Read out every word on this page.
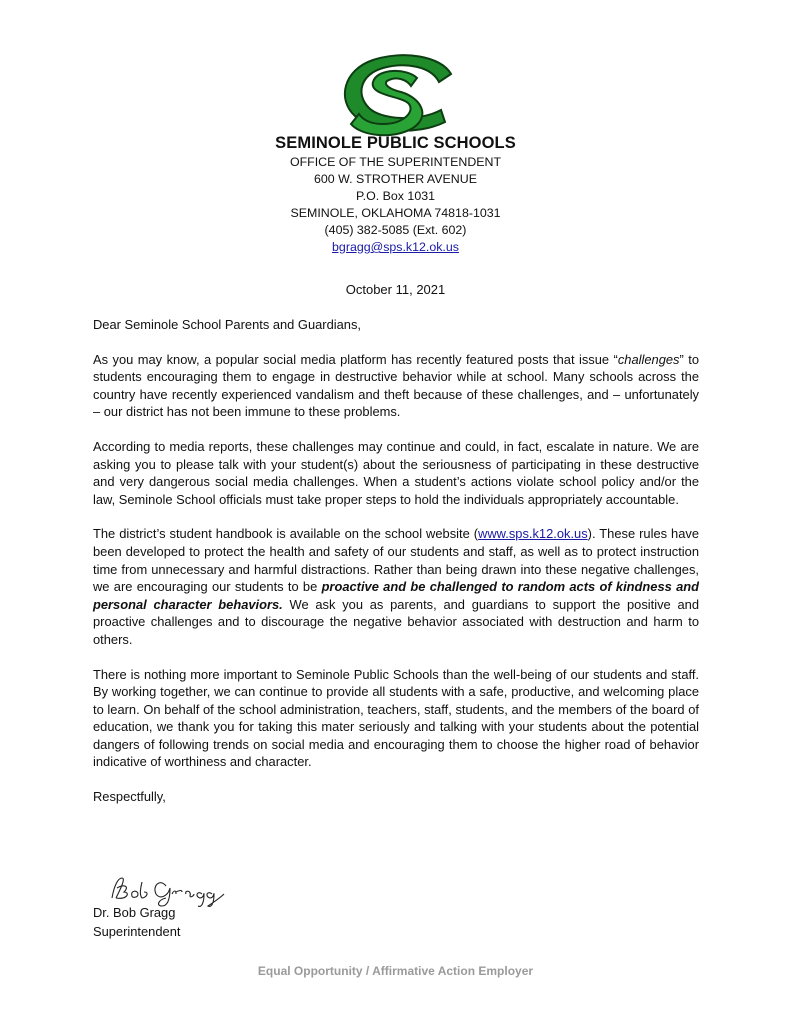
SEMINOLE PUBLIC SCHOOLS
OFFICE OF THE SUPERINTENDENT
600 W. STROTHER AVENUE
P.O. Box 1031
SEMINOLE, OKLAHOMA 74818-1031
(405) 382-5085 (Ext. 602)
bgragg@sps.k12.ok.us
October 11, 2021

Dear Seminole School Parents and Guardians,

As you may know, a popular social media platform has recently featured posts that issue “challenges” to students encouraging them to engage in destructive behavior while at school. Many schools across the country have recently experienced vandalism and theft because of these challenges, and – unfortunately – our district has not been immune to these problems.

According to media reports, these challenges may continue and could, in fact, escalate in nature. We are asking you to please talk with your student(s) about the seriousness of participating in these destructive and very dangerous social media challenges. When a student’s actions violate school policy and/or the law, Seminole School officials must take proper steps to hold the individuals appropriately accountable.

The district’s student handbook is available on the school website (www.sps.k12.ok.us). These rules have been developed to protect the health and safety of our students and staff, as well as to protect instruction time from unnecessary and harmful distractions. Rather than being drawn into these negative challenges, we are encouraging our students to be proactive and be challenged to random acts of kindness and personal character behaviors. We ask you as parents, and guardians to support the positive and proactive challenges and to discourage the negative behavior associated with destruction and harm to others.

There is nothing more important to Seminole Public Schools than the well-being of our students and staff. By working together, we can continue to provide all students with a safe, productive, and welcoming place to learn. On behalf of the school administration, teachers, staff, students, and the members of the board of education, we thank you for taking this mater seriously and talking with your students about the potential dangers of following trends on social media and encouraging them to choose the higher road of behavior indicative of worthiness and character.

Respectfully,

Dr. Bob Gragg
Superintendent
Equal Opportunity / Affirmative Action Employer
